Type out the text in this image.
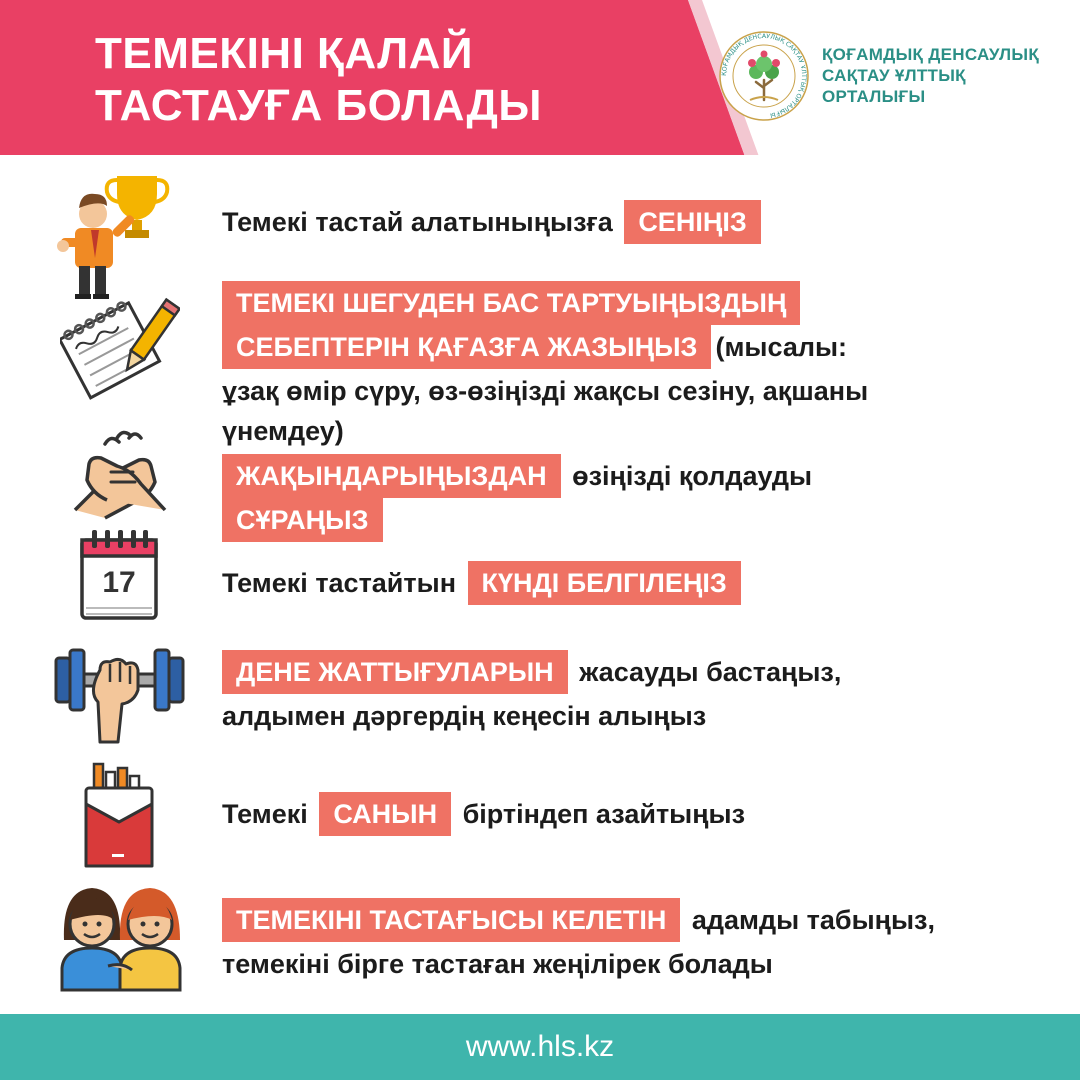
ТЕМЕКІНІ ҚАЛАЙ
ТАСТАУҒА БОЛАДЫ
ҚОҒАМДЫҚ ДЕНСАУЛЫҚ САҚТАУ ҰЛТТЫҚ ОРТАЛЫҒЫ
ҚОҒАМДЫҚ ДЕНСАУЛЫҚ
САҚТАУ ҰЛТТЫҚ
ОРТАЛЫҒЫ
Темекі тастай алатыныңызға СЕНІҢІЗ
ТЕМЕКІ ШЕГУДЕН БАС ТАРТУЫҢЫЗДЫҢ
СЕБЕПТЕРІН ҚАҒАЗҒА ЖАЗЫҢЫЗ (мысалы:
ұзақ өмір сүру, өз-өзіңізді жақсы сезіну, ақшаны
үнемдеу)
ЖАҚЫНДАРЫҢЫЗДАН өзіңізді қолдауды
СҰРАҢЫЗ
17	Темекі тастайтын КҮНДІ БЕЛГІЛЕҢІЗ
ДЕНЕ ЖАТТЫҒУЛАРЫН жасауды бастаңыз,
алдымен дәргердің кеңесін алыңыз
Темекі САНЫН біртіндеп азайтыңыз
ТЕМЕКІНІ ТАСТАҒЫСЫ КЕЛЕТІН адамды табыңыз,
темекіні бірге тастаған жеңілірек болады
www.hls.kz
